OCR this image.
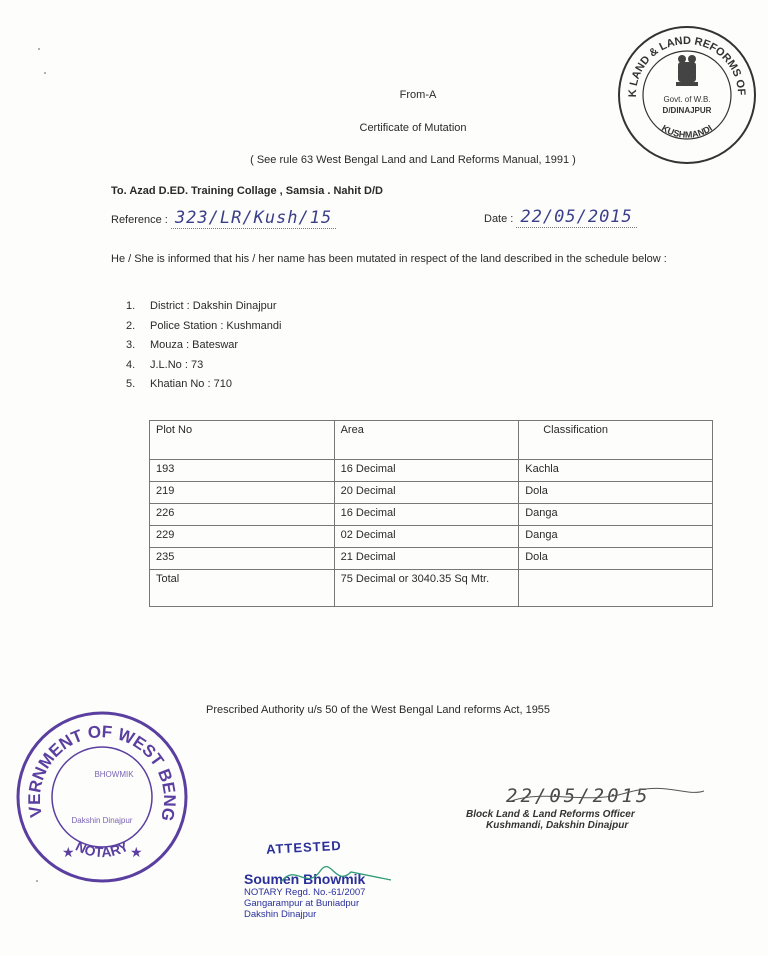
K LAND & LAND REFORMS OF
KUSHMANDI
Govt. of W.B.
D/DINAJPUR
From-A
Certificate of Mutation
( See rule 63 West Bengal Land and Land Reforms Manual, 1991 )
To. Azad D.ED. Training Collage , Samsia . Nahit D/D
Reference : 323/LR/Kush/15	Date : 22/05/2015
He / She is informed that his / her name has been mutated in respect of the land described in the schedule below :
1. District : Dakshin Dinajpur
2. Police Station : Kushmandi
3. Mouza : Bateswar
4. J.L.No : 73
5. Khatian No : 710
Plot No	Area	Classification
193	16 Decimal	Kachla
219	20 Decimal	Dola
226	16 Decimal	Danga
229	02 Decimal	Danga
235	21 Decimal	Dola
Total	75 Decimal or 3040.35 Sq Mtr.	
Prescribed Authority u/s 50 of the West Bengal Land reforms Act, 1955
VERNMENT OF WEST BENG
NOTARY
BHOWMIK
Dakshin Dinajpur
★	★
22/05/2015
Block Land & Land Reforms Officer
Kushmandi, Dakshin Dinajpur
ATTESTED
Soumen Bhowmik
NOTARY Regd. No.-61/2007
Gangarampur at Buniadpur
Dakshin Dinajpur
